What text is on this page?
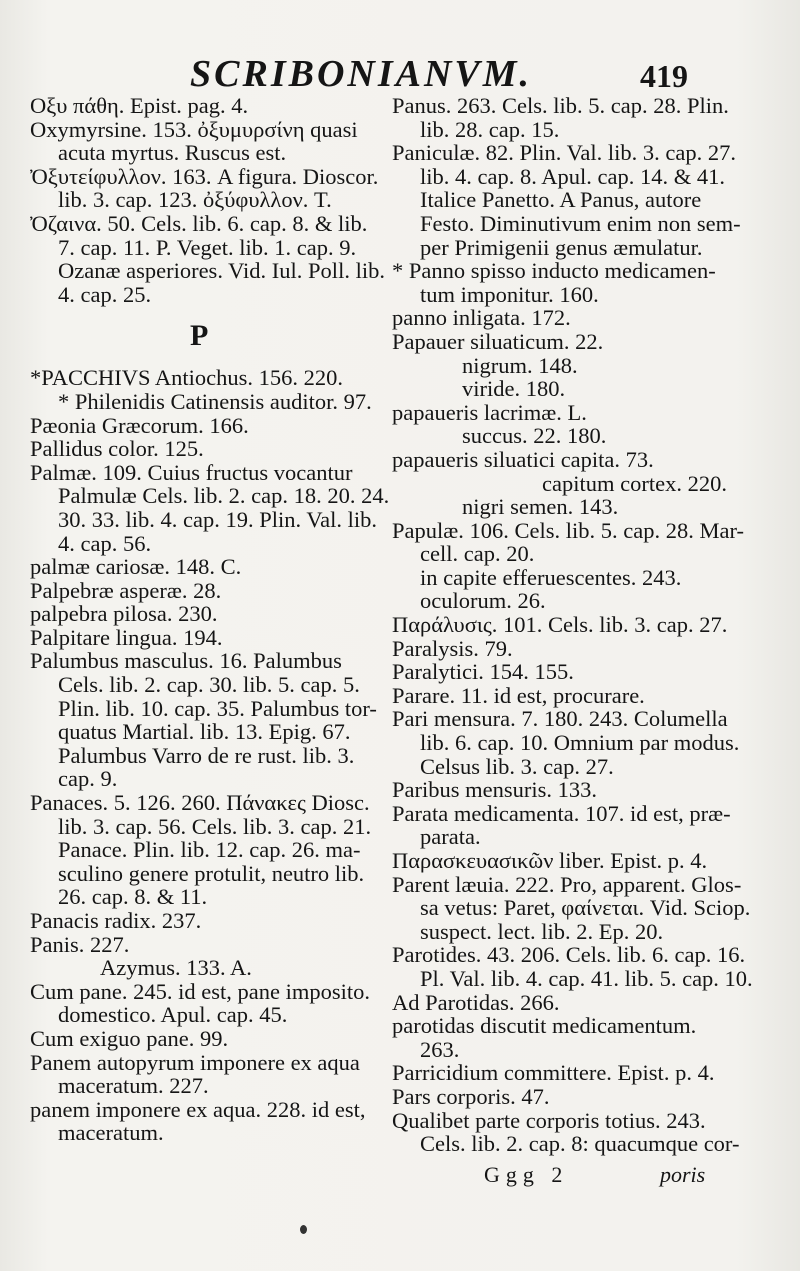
SCRIBONIANVM.	419
Οξυ πάθη. Epist. pag. 4.
Oxymyrsine. 153. ὀξυμυρσίνη quasi
acuta myrtus. Ruscus est.
Ὀξυτείφυλλον. 163. A figura. Dioscor.
lib. 3. cap. 123. ὀξύφυλλον. T.
Ὀζαινα. 50. Cels. lib. 6. cap. 8. & lib.
7. cap. 11. P. Veget. lib. 1. cap. 9.
Ozanæ asperiores. Vid. Iul. Poll. lib.
4. cap. 25.
P
*PACCHIVS Antiochus. 156. 220.
* Philenidis Catinensis auditor. 97.
Pæonia Græcorum. 166.
Pallidus color. 125.
Palmæ. 109. Cuius fructus vocantur
Palmulæ Cels. lib. 2. cap. 18. 20. 24.
30. 33. lib. 4. cap. 19. Plin. Val. lib.
4. cap. 56.
palmæ cariosæ. 148. C.
Palpebræ asperæ. 28.
palpebra pilosa. 230.
Palpitare lingua. 194.
Palumbus masculus. 16. Palumbus
Cels. lib. 2. cap. 30. lib. 5. cap. 5.
Plin. lib. 10. cap. 35. Palumbus tor-
quatus Martial. lib. 13. Epig. 67.
Palumbus Varro de re rust. lib. 3.
cap. 9.
Panaces. 5. 126. 260. Πάνακες Diosc.
lib. 3. cap. 56. Cels. lib. 3. cap. 21.
Panace. Plin. lib. 12. cap. 26. ma-
sculino genere protulit, neutro lib.
26. cap. 8. & 11.
Panacis radix. 237.
Panis. 227.
Azymus. 133. A.
Cum pane. 245. id est, pane imposito.
domestico. Apul. cap. 45.
Cum exiguo pane. 99.
Panem autopyrum imponere ex aqua
maceratum. 227.
panem imponere ex aqua. 228. id est,
maceratum.
Panus. 263. Cels. lib. 5. cap. 28. Plin.
lib. 28. cap. 15.
Paniculæ. 82. Plin. Val. lib. 3. cap. 27.
lib. 4. cap. 8. Apul. cap. 14. & 41.
Italice Panetto. A Panus, autore
Festo. Diminutivum enim non sem-
per Primigenii genus æmulatur.
* Panno spisso inducto medicamen-
tum imponitur. 160.
panno inligata. 172.
Papauer siluaticum. 22.
nigrum. 148.
viride. 180.
papaueris lacrimæ. L.
succus. 22. 180.
papaueris siluatici capita. 73.
capitum cortex. 220.
nigri semen. 143.
Papulæ. 106. Cels. lib. 5. cap. 28. Mar-
cell. cap. 20.
in capite efferuescentes. 243.
oculorum. 26.
Παράλυσις. 101. Cels. lib. 3. cap. 27.
Paralysis. 79.
Paralytici. 154. 155.
Parare. 11. id est, procurare.
Pari mensura. 7. 180. 243. Columella
lib. 6. cap. 10. Omnium par modus.
Celsus lib. 3. cap. 27.
Paribus mensuris. 133.
Parata medicamenta. 107. id est, præ-
parata.
Παρασκευασικῶν liber. Epist. p. 4.
Parent læuia. 222. Pro, apparent. Glos-
sa vetus: Paret, φαίνεται. Vid. Sciop.
suspect. lect. lib. 2. Ep. 20.
Parotides. 43. 206. Cels. lib. 6. cap. 16.
Pl. Val. lib. 4. cap. 41. lib. 5. cap. 10.
Ad Parotidas. 266.
parotidas discutit medicamentum.
263.
Parricidium committere. Epist. p. 4.
Pars corporis. 47.
Qualibet parte corporis totius. 243.
Cels. lib. 2. cap. 8: quacumque cor-
Ggg 2	poris
